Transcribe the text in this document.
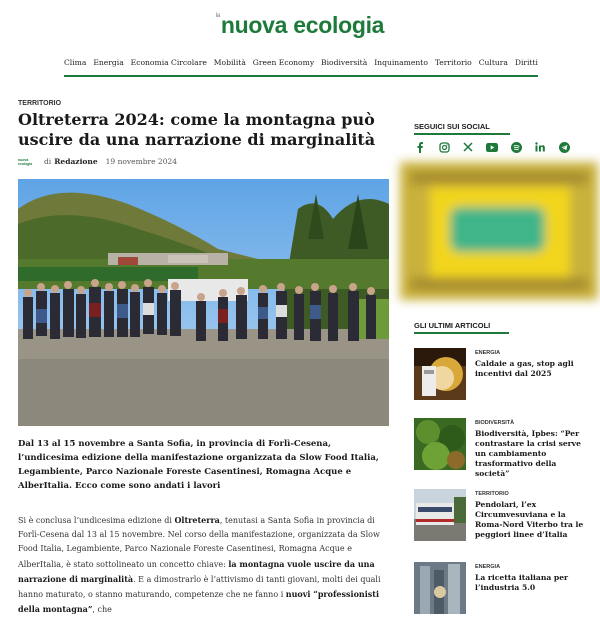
$^{la}$nuova ecologia
Clima Energia Economia Circolare Mobilità Green Economy Biodiversità Inquinamento Territorio Cultura Diritti
TERRITORIO
Oltreterra 2024: come la montagna può uscire da una narrazione di marginalità
nuova ecologia	di Redazione 19 novembre 2024

Dal 13 al 15 novembre a Santa Sofia, in provincia di Forlì-Cesena, l’undicesima edizione della manifestazione organizzata da Slow Food Italia, Legambiente, Parco Nazionale Foreste Casentinesi, Romagna Acque e AlberItalia. Ecco come sono andati i lavori

Si è conclusa l’undicesima edizione di Oltreterra, tenutasi a Santa Sofia in provincia di Forlì-Cesena dal 13 al 15 novembre. Nel corso della manifestazione, organizzata da Slow Food Italia, Legambiente, Parco Nazionale Foreste Casentinesi, Romagna Acque e AlberItalia, è stato sottolineato un concetto chiave: la montagna vuole uscire da una narrazione di marginalità. E a dimostrarlo è l’attivismo di tanti giovani, molti dei quali hanno maturato, o stanno maturando, competenze che ne fanno i nuovi “professionisti della montagna”, che

SEGUICI SUI SOCIAL
GLI ULTIMI ARTICOLI
ENERGIA
Caldaie a gas, stop agli incentivi dal 2025
BIODIVERSITÀ
Biodiversità, Ipbes: “Per contrastare la crisi serve un cambiamento trasformativo della società”
TERRITORIO
Pendolari, l’ex Circumvesuviana e la Roma-Nord Viterbo tra le peggiori linee d’Italia
ENERGIA
La ricetta italiana per l’industria 5.0
